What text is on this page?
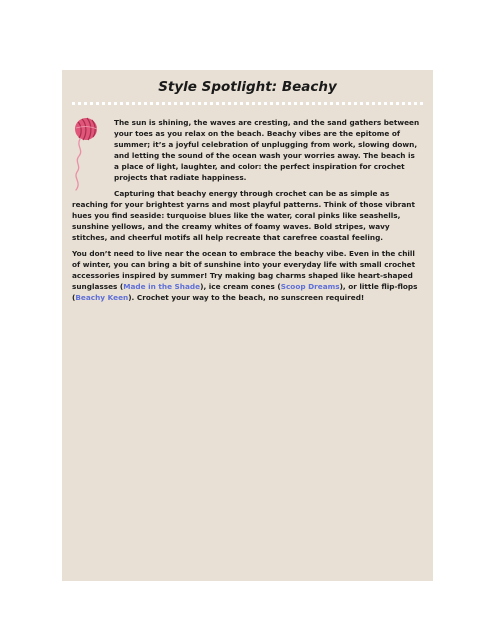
Style Spotlight: Beachy

The sun is shining, the waves are cresting, and the sand gathers between your toes as you relax on the beach. Beachy vibes are the epitome of summer; it’s a joyful celebration of unplugging from work, slowing down, and letting the sound of the ocean wash your worries away. The beach is a place of light, laughter, and color: the perfect inspiration for crochet projects that radiate happiness.

Capturing that beachy energy through crochet can be as simple as reaching for your brightest yarns and most playful patterns. Think of those vibrant hues you find seaside: turquoise blues like the water, coral pinks like seashells, sunshine yellows, and the creamy whites of foamy waves. Bold stripes, wavy stitches, and cheerful motifs all help recreate that carefree coastal feeling.

You don’t need to live near the ocean to embrace the beachy vibe. Even in the chill of winter, you can bring a bit of sunshine into your everyday life with small crochet accessories inspired by summer! Try making bag charms shaped like heart-shaped sunglasses (Made in the Shade), ice cream cones (Scoop Dreams), or little flip-flops (Beachy Keen). Crochet your way to the beach, no sunscreen required!
